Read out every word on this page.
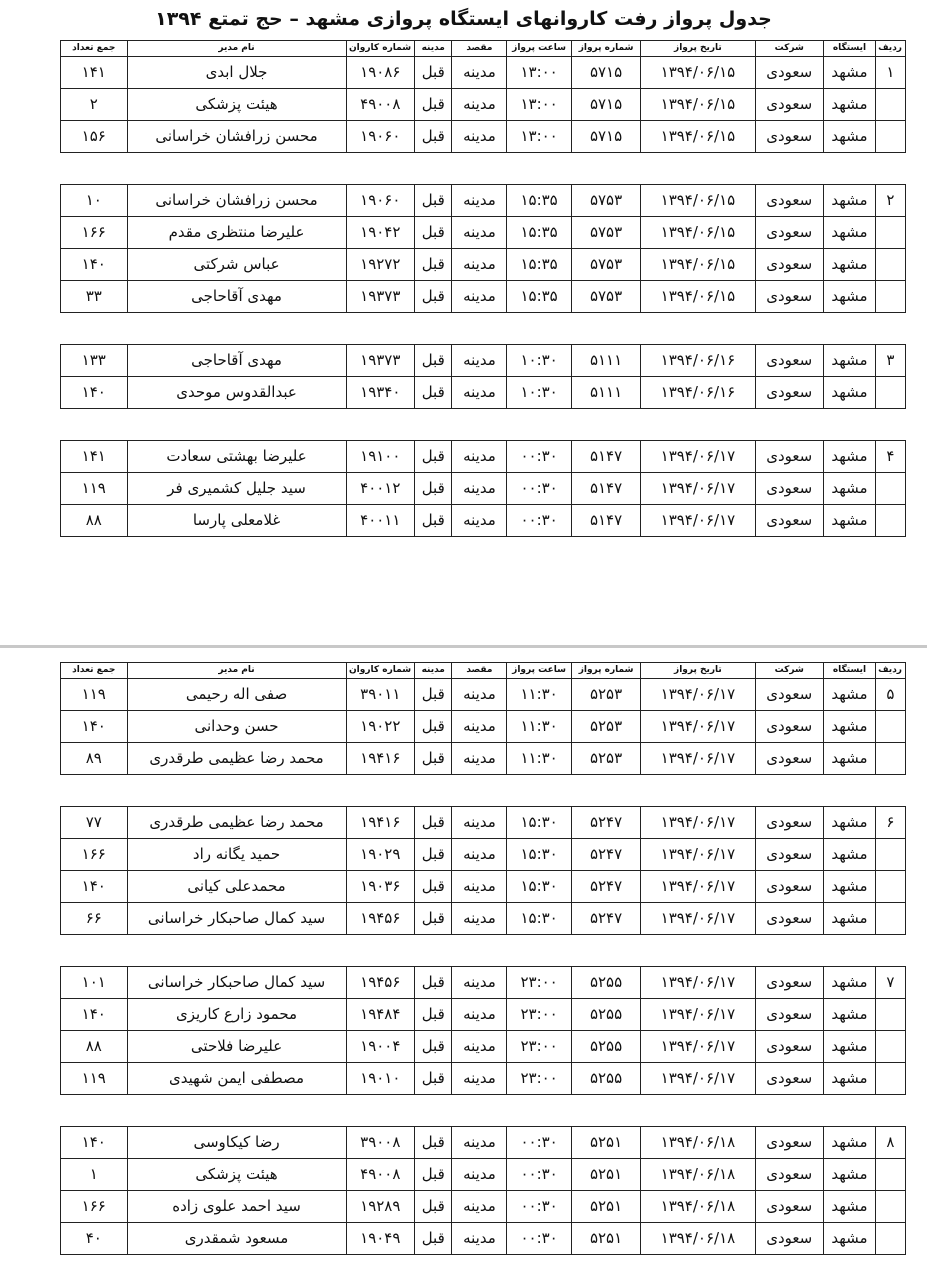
جدول پرواز رفت کاروانهای ایستگاه پروازی مشهد – حج تمتع ۱۳۹۴
ردیف	ایستگاه	شرکت	تاریخ پرواز	شماره پرواز	ساعت پرواز	مقصد	مدینه	شماره کاروان	نام مدیر	جمع تعداد
۱	مشهد	سعودی	۱۳۹۴/۰۶/۱۵	۵۷۱۵	۱۳:۰۰	مدینه	قبل	۱۹۰۸۶	جلال ابدی	۱۴۱
	مشهد	سعودی	۱۳۹۴/۰۶/۱۵	۵۷۱۵	۱۳:۰۰	مدینه	قبل	۴۹۰۰۸	هیئت پزشکی	۲
	مشهد	سعودی	۱۳۹۴/۰۶/۱۵	۵۷۱۵	۱۳:۰۰	مدینه	قبل	۱۹۰۶۰	محسن زرافشان خراسانی	۱۵۶

۲	مشهد	سعودی	۱۳۹۴/۰۶/۱۵	۵۷۵۳	۱۵:۳۵	مدینه	قبل	۱۹۰۶۰	محسن زرافشان خراسانی	۱۰
	مشهد	سعودی	۱۳۹۴/۰۶/۱۵	۵۷۵۳	۱۵:۳۵	مدینه	قبل	۱۹۰۴۲	علیرضا منتظری مقدم	۱۶۶
	مشهد	سعودی	۱۳۹۴/۰۶/۱۵	۵۷۵۳	۱۵:۳۵	مدینه	قبل	۱۹۲۷۲	عباس شرکتی	۱۴۰
	مشهد	سعودی	۱۳۹۴/۰۶/۱۵	۵۷۵۳	۱۵:۳۵	مدینه	قبل	۱۹۳۷۳	مهدی آقاحاجی	۳۳

۳	مشهد	سعودی	۱۳۹۴/۰۶/۱۶	۵۱۱۱	۱۰:۳۰	مدینه	قبل	۱۹۳۷۳	مهدی آقاحاجی	۱۳۳
	مشهد	سعودی	۱۳۹۴/۰۶/۱۶	۵۱۱۱	۱۰:۳۰	مدینه	قبل	۱۹۳۴۰	عبدالقدوس موحدی	۱۴۰

۴	مشهد	سعودی	۱۳۹۴/۰۶/۱۷	۵۱۴۷	۰۰:۳۰	مدینه	قبل	۱۹۱۰۰	علیرضا بهشتی سعادت	۱۴۱
	مشهد	سعودی	۱۳۹۴/۰۶/۱۷	۵۱۴۷	۰۰:۳۰	مدینه	قبل	۴۰۰۱۲	سید جلیل کشمیری فر	۱۱۹
	مشهد	سعودی	۱۳۹۴/۰۶/۱۷	۵۱۴۷	۰۰:۳۰	مدینه	قبل	۴۰۰۱۱	غلامعلی پارسا	۸۸
ردیف	ایستگاه	شرکت	تاریخ پرواز	شماره پرواز	ساعت پرواز	مقصد	مدینه	شماره کاروان	نام مدیر	جمع تعداد
۵	مشهد	سعودی	۱۳۹۴/۰۶/۱۷	۵۲۵۳	۱۱:۳۰	مدینه	قبل	۳۹۰۱۱	صفی اله رحیمی	۱۱۹
	مشهد	سعودی	۱۳۹۴/۰۶/۱۷	۵۲۵۳	۱۱:۳۰	مدینه	قبل	۱۹۰۲۲	حسن وحدانی	۱۴۰
	مشهد	سعودی	۱۳۹۴/۰۶/۱۷	۵۲۵۳	۱۱:۳۰	مدینه	قبل	۱۹۴۱۶	محمد رضا عظیمی طرقدری	۸۹

۶	مشهد	سعودی	۱۳۹۴/۰۶/۱۷	۵۲۴۷	۱۵:۳۰	مدینه	قبل	۱۹۴۱۶	محمد رضا عظیمی طرقدری	۷۷
	مشهد	سعودی	۱۳۹۴/۰۶/۱۷	۵۲۴۷	۱۵:۳۰	مدینه	قبل	۱۹۰۲۹	حمید یگانه راد	۱۶۶
	مشهد	سعودی	۱۳۹۴/۰۶/۱۷	۵۲۴۷	۱۵:۳۰	مدینه	قبل	۱۹۰۳۶	محمدعلی کیانی	۱۴۰
	مشهد	سعودی	۱۳۹۴/۰۶/۱۷	۵۲۴۷	۱۵:۳۰	مدینه	قبل	۱۹۴۵۶	سید کمال صاحبکار خراسانی	۶۶

۷	مشهد	سعودی	۱۳۹۴/۰۶/۱۷	۵۲۵۵	۲۳:۰۰	مدینه	قبل	۱۹۴۵۶	سید کمال صاحبکار خراسانی	۱۰۱
	مشهد	سعودی	۱۳۹۴/۰۶/۱۷	۵۲۵۵	۲۳:۰۰	مدینه	قبل	۱۹۴۸۴	محمود زارع کاریزی	۱۴۰
	مشهد	سعودی	۱۳۹۴/۰۶/۱۷	۵۲۵۵	۲۳:۰۰	مدینه	قبل	۱۹۰۰۴	علیرضا فلاحتی	۸۸
	مشهد	سعودی	۱۳۹۴/۰۶/۱۷	۵۲۵۵	۲۳:۰۰	مدینه	قبل	۱۹۰۱۰	مصطفی ایمن شهیدی	۱۱۹

۸	مشهد	سعودی	۱۳۹۴/۰۶/۱۸	۵۲۵۱	۰۰:۳۰	مدینه	قبل	۳۹۰۰۸	رضا کیکاوسی	۱۴۰
	مشهد	سعودی	۱۳۹۴/۰۶/۱۸	۵۲۵۱	۰۰:۳۰	مدینه	قبل	۴۹۰۰۸	هیئت پزشکی	۱
	مشهد	سعودی	۱۳۹۴/۰۶/۱۸	۵۲۵۱	۰۰:۳۰	مدینه	قبل	۱۹۲۸۹	سید احمد علوی زاده	۱۶۶
	مشهد	سعودی	۱۳۹۴/۰۶/۱۸	۵۲۵۱	۰۰:۳۰	مدینه	قبل	۱۹۰۴۹	مسعود شمقدری	۴۰
